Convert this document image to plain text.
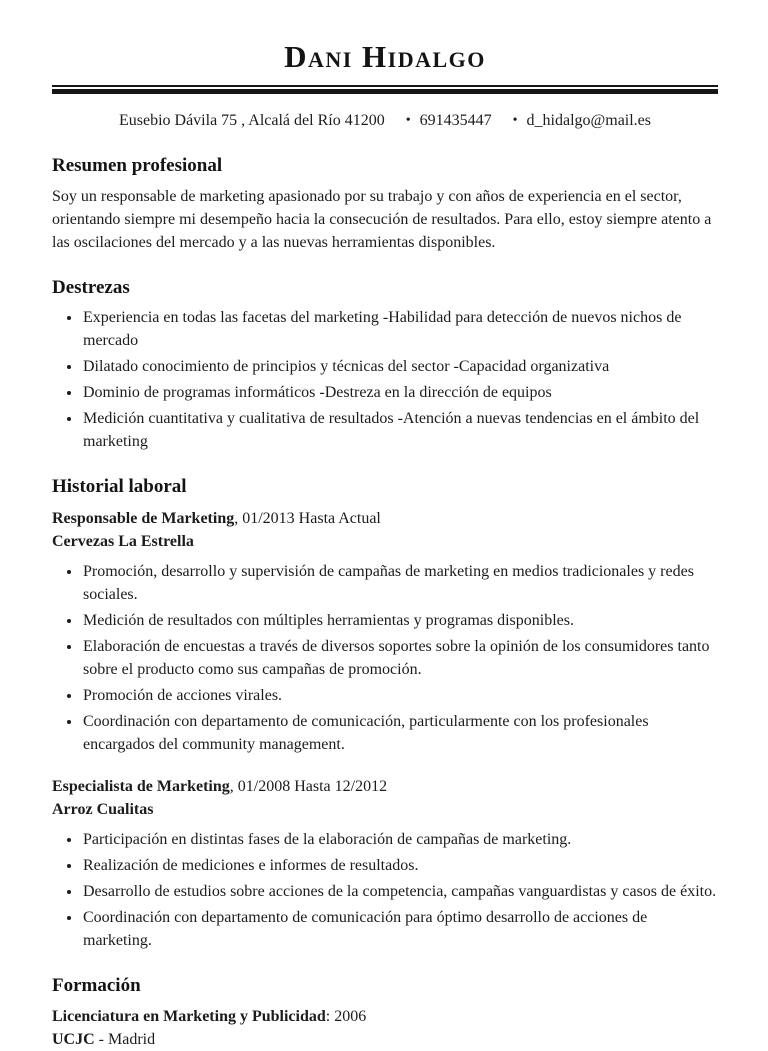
Dani Hidalgo
Eusebio Dávila 75 , Alcalá del Río 41200 • 691435447 • d_hidalgo@mail.es
Resumen profesional

Soy un responsable de marketing apasionado por su trabajo y con años de experiencia en el sector, orientando siempre mi desempeño hacia la consecución de resultados. Para ello, estoy siempre atento a las oscilaciones del mercado y a las nuevas herramientas disponibles.

Destrezas
• Experiencia en todas las facetas del marketing -Habilidad para detección de nuevos nichos de mercado
• Dilatado conocimiento de principios y técnicas del sector -Capacidad organizativa
• Dominio de programas informáticos -Destreza en la dirección de equipos
• Medición cuantitativa y cualitativa de resultados -Atención a nuevas tendencias en el ámbito del marketing
Historial laboral
Responsable de Marketing, 01/2013 Hasta Actual
Cervezas La Estrella
• Promoción, desarrollo y supervisión de campañas de marketing en medios tradicionales y redes sociales.
• Medición de resultados con múltiples herramientas y programas disponibles.
• Elaboración de encuestas a través de diversos soportes sobre la opinión de los consumidores tanto sobre el producto como sus campañas de promoción.
• Promoción de acciones virales.
• Coordinación con departamento de comunicación, particularmente con los profesionales encargados del community management.
Especialista de Marketing, 01/2008 Hasta 12/2012
Arroz Cualitas
• Participación en distintas fases de la elaboración de campañas de marketing.
• Realización de mediciones e informes de resultados.
• Desarrollo de estudios sobre acciones de la competencia, campañas vanguardistas y casos de éxito.
• Coordinación con departamento de comunicación para óptimo desarrollo de acciones de marketing.
Formación
Licenciatura en Marketing y Publicidad: 2006
UCJC - Madrid
